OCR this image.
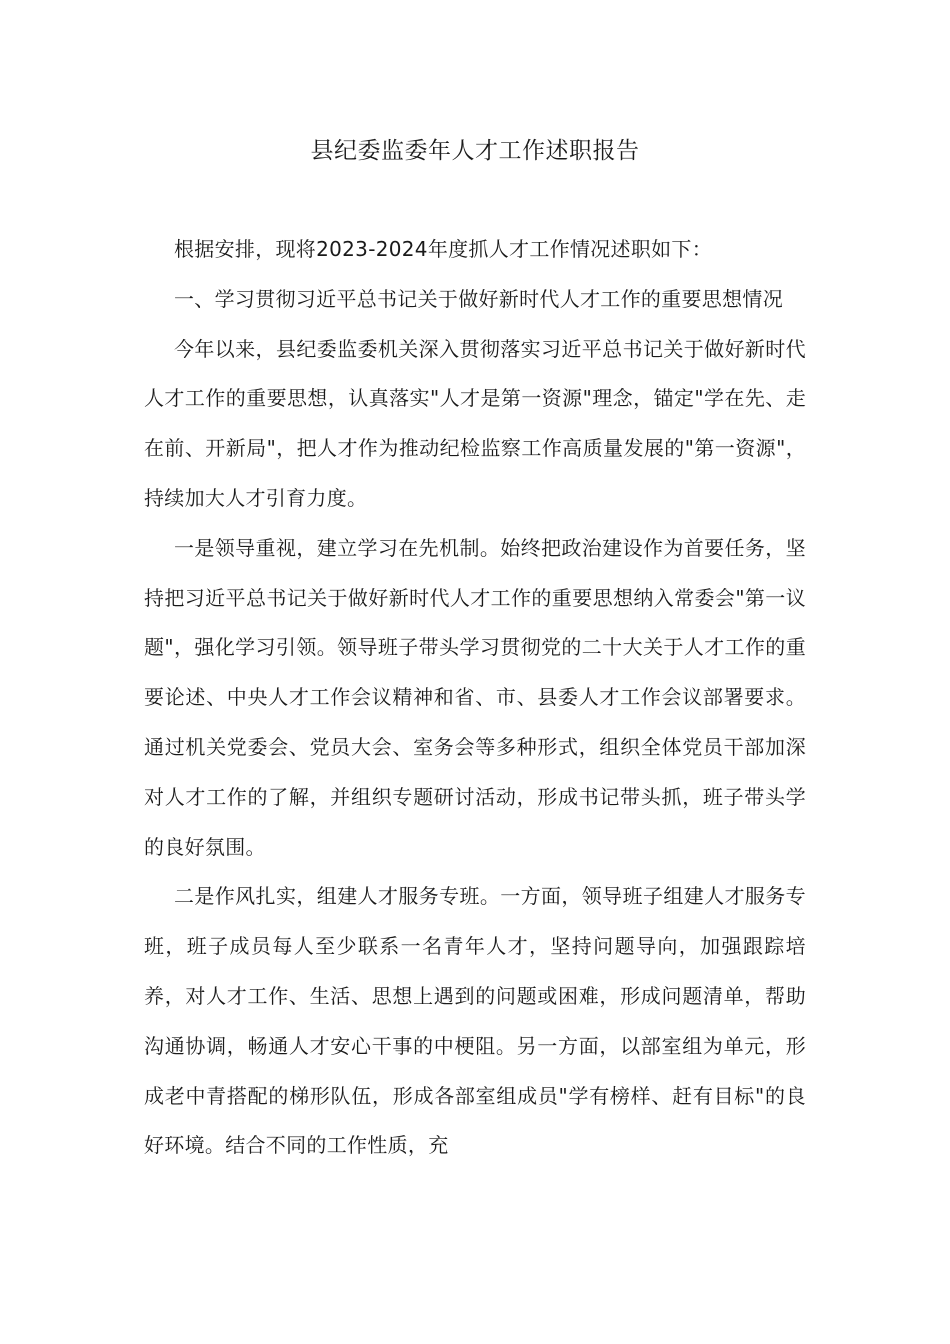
县纪委监委年人才工作述职报告

根据安排，现将2023-2024年度抓人才工作情况述职如下：

一、学习贯彻习近平总书记关于做好新时代人才工作的重要思想情况

今年以来，县纪委监委机关深入贯彻落实习近平总书记关于做好新时代人才工作的重要思想，认真落实"人才是第一资源"理念，锚定"学在先、走在前、开新局"，把人才作为推动纪检监察工作高质量发展的"第一资源"，持续加大人才引育力度。

一是领导重视，建立学习在先机制。始终把政治建设作为首要任务，坚持把习近平总书记关于做好新时代人才工作的重要思想纳入常委会"第一议题"，强化学习引领。领导班子带头学习贯彻党的二十大关于人才工作的重要论述、中央人才工作会议精神和省、市、县委人才工作会议部署要求。通过机关党委会、党员大会、室务会等多种形式，组织全体党员干部加深对人才工作的了解，并组织专题研讨活动，形成书记带头抓，班子带头学的良好氛围。

二是作风扎实，组建人才服务专班。一方面，领导班子组建人才服务专班，班子成员每人至少联系一名青年人才，坚持问题导向，加强跟踪培养，对人才工作、生活、思想上遇到的问题或困难，形成问题清单，帮助沟通协调，畅通人才安心干事的中梗阻。另一方面，以部室组为单元，形成老中青搭配的梯形队伍，形成各部室组成员"学有榜样、赶有目标"的良好环境。结合不同的工作性质，充
